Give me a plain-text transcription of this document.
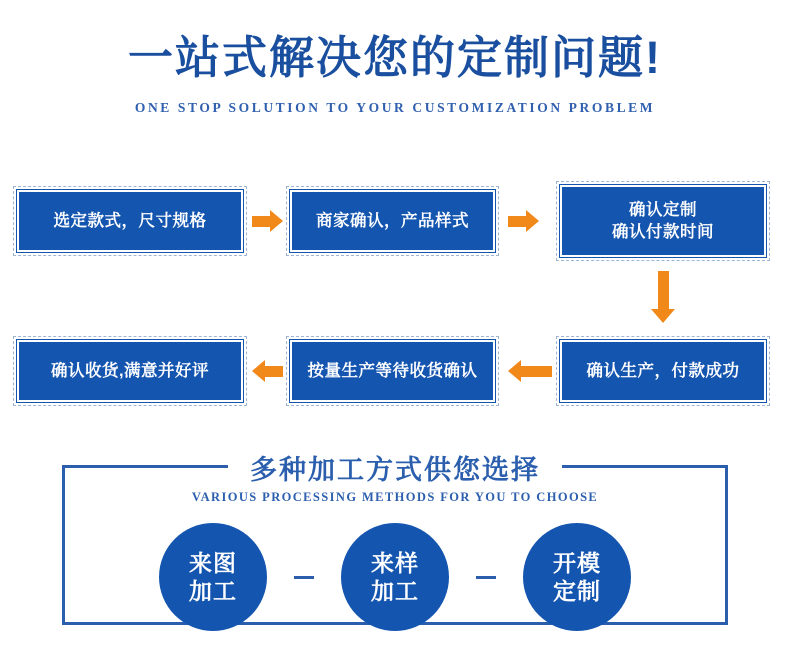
一站式解决您的定制问题!
ONE STOP SOLUTION TO YOUR CUSTOMIZATION PROBLEM
选定款式，尺寸规格	商家确认，产品样式
确认定制
确认付款时间
确认生产，付款成功
按量生产等待收货确认
确认收货,满意并好评
多种加工方式供您选择
VARIOUS PROCESSING METHODS FOR YOU TO CHOOSE
来图
加工
来样
加工
开模
定制
